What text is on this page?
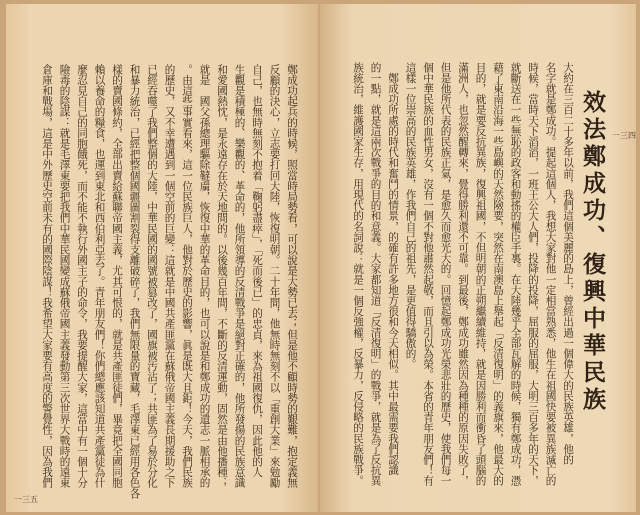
一三五
鄭成功起兵的時候，照當時局勢看，可以說是大勢已去；但是他不顧時勢的艱難，抱定義無
反顧的決心，立志要打回大陸，恢復明朝。二十年間，他無時無刻不以「重創大業」來勉勵
自己，也無時無刻不抱着「鞠躬盡瘁」，「死而後已」的忠貞，來為祖國復仇，因此他的人
生觀是積極的、樂觀的、革命的，他所領導的反清戰爭是絕對正確的，他所發揚的民族意識
和愛國熱忱，是永遠存在於天地間的。以後幾百年間，不斷的反清運動，固然是由他播種；
就是　國父孫總理驅除韃虜，恢復中華的革命目的，也可以說是和鄭成功的遺志一脈相承的
。由這些事實看來，這一位民族巨人，他對於歷史的影響，眞是既大且鉅！今天，我們民族
的歷史，又不幸遭遇到一個空前的巨變：這就是中國共產匪黨在蘇俄帝國主義長期援助之下
已經吞噬了我們整個的大陸，中華民國的國號被篡改了，國旗被汚沾了；共匪為了易於分化
和暴力統治，已經把整個國疆圖割裂得支離破碎了，我們無限量的寶藏，毛澤東已經用各色各
樣的賣國條約，全部出賣給蘇聯帝國主義，尤其可恨的，就是共產匪徒們，畢竟把全國同胞
賴以養命的糧食，也運到東北和西伯利亞去了。青年朋友們！你們總應該知道共產黨徒為什
麼忍見自己的同胞餓死，而不能不執行外國主子的命令，我要提醒大家，這當中有一個十分
險毒的陰謀：就是毛澤東要把我們中華民國變成蘇俄帝國主義發動第三次世界大戰時的遠東
倉庫和戰場，這是中外歷史空前未有的國際陰謀！我希望大家要有高度的警覺性，因為我們	一三四
效法鄭成功、復興中華民族
大約在三百二十多年以前，我們這個美麗的島上，曾經出過一個偉大的民族英雄，他的
名字就是鄭成功。提起這個人，我想大家對他一定相當熟悉，他生在祖國快要被異族滅亡的
時候，當時天下滔滔，一班王公大人們，投降的投降，屈服的屈服，大明三百多年的天下，
就斷送在一些無恥的政客和動搖的權臣手裏。在大陸幾乎全部瓦解的時候，獨有鄭成功，憑
藉了東南沿海一些島嶼的天然險要，突然在南澳島上舉起「反清復明」的義旗來，他最大的
目的，就是要反抗異族，復興祖國，不但明朝的正朔繼續維持，就是因勝利而衝昏了頭腦的
滿洲人，也忽然醒轉來，覺得勝利還不可靠。到最後，鄭成功雖然因為種種的原因失敗了，
但是他所代表的民族正氣，是愈久而愈光大的。回憶起鄭成功光榮悲壯的歷史，使我們每一
個中華民族的血性男女，沒有一個不對他肅然起敬，而且引以為榮。本省的青年朋友們！有
這樣一位崇高的民族英雄，作我們自己的祖先，是更值得驕傲的。
　鄭成功所處的時代和奮鬥的情景，的確有許多地方很和今天相似。其中最需要我們認識
的一點，就是這兩次戰爭的目的和意義。大家都知道「反清復明」的戰爭，就是為了反抗異
族統治，維護國家生存，用現代的名詞說：就是一個反強權，反暴力，反侵略的民族戰爭。
